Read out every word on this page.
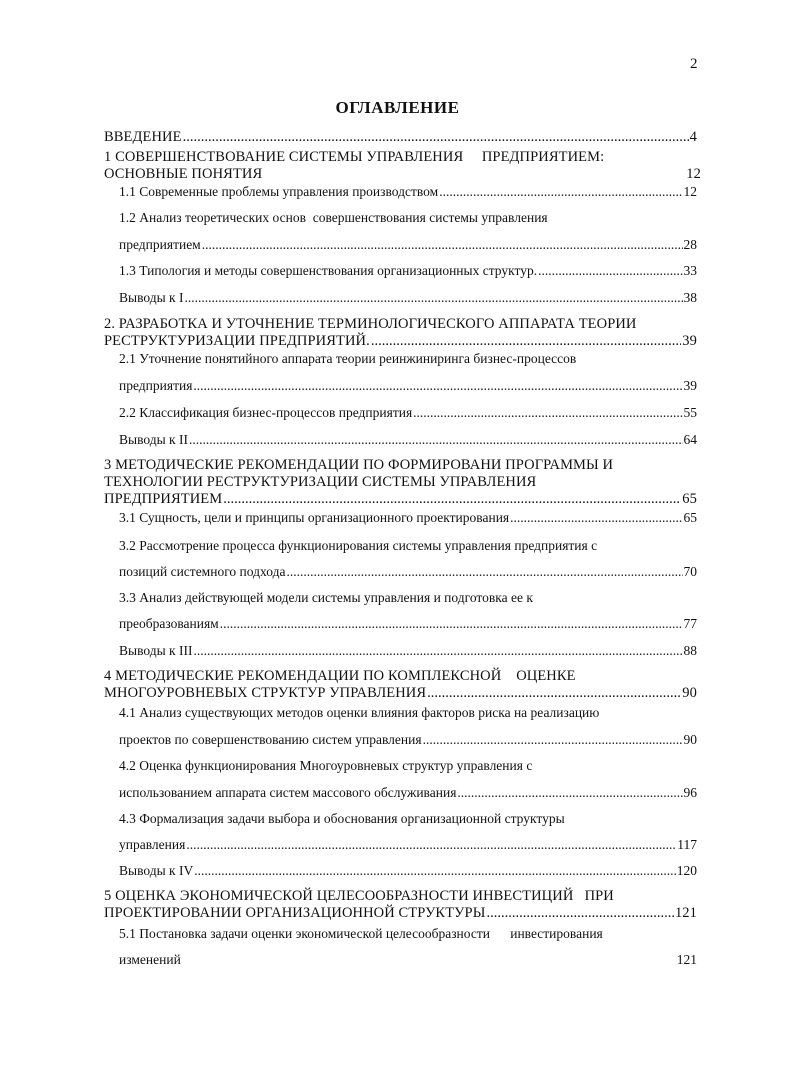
2
ОГЛАВЛЕНИЕ
ВВЕДЕНИЕ .....	4
1 СОВЕРШЕНСТВОВАНИЕ СИСТЕМЫ УПРАВЛЕНИЯ     ПРЕДПРИЯТИЕМ:
ОСНОВНЫЕ ПОНЯТИЯ	12
1.1 Современные проблемы управления производством .....	12
1.2 Анализ теоретических основ  совершенствования системы управления
предприятием .....	28
1.3 Типология и методы совершенствования организационных структур. .....	33
Выводы к I .....	38
2. РАЗРАБОТКА И УТОЧНЕНИЕ ТЕРМИНОЛОГИЧЕСКОГО АППАРАТА ТЕОРИИ
РЕСТРУКТУРИЗАЦИИ ПРЕДПРИЯТИЙ. .....	39
2.1 Уточнение понятийного аппарата теории реинжиниринга бизнес-процессов
предприятия .....	39
2.2 Классификация бизнес-процессов предприятия .....	55
Выводы к II .....	64
3 МЕТОДИЧЕСКИЕ РЕКОМЕНДАЦИИ ПО ФОРМИРОВАНИ ПРОГРАММЫ И
ТЕХНОЛОГИИ РЕСТРУКТУРИЗАЦИИ СИСТЕМЫ УПРАВЛЕНИЯ
ПРЕДПРИЯТИЕМ .....	65
3.1 Сущность, цели и принципы организационного проектирования .....	65
3.2 Рассмотрение процесса функционирования системы управления предприятия с
позиций системного подхода .....	70
3.3 Анализ действующей модели системы управления и подготовка ее к
преобразованиям .....	77
Выводы к III .....	88
4 МЕТОДИЧЕСКИЕ РЕКОМЕНДАЦИИ ПО КОМПЛЕКСНОЙ    ОЦЕНКЕ
МНОГОУРОВНЕВЫХ СТРУКТУР УПРАВЛЕНИЯ .....	90
4.1 Анализ существующих методов оценки влияния факторов риска на реализацию
проектов по совершенствованию систем управления .....	90
4.2 Оценка функционирования Многоуровневых структур управления с
использованием аппарата систем массового обслуживания .....	96
4.3 Формализация задачи выбора и обоснования организационной структуры
управления .....	117
Выводы к IV .....	120
5 ОЦЕНКА ЭКОНОМИЧЕСКОЙ ЦЕЛЕСООБРАЗНОСТИ ИНВЕСТИЦИЙ   ПРИ
ПРОЕКТИРОВАНИИ ОРГАНИЗАЦИОННОЙ СТРУКТУРЫ .....	121
5.1 Постановка задачи оценки экономической целесообразности      инвестирования
изменений	121
